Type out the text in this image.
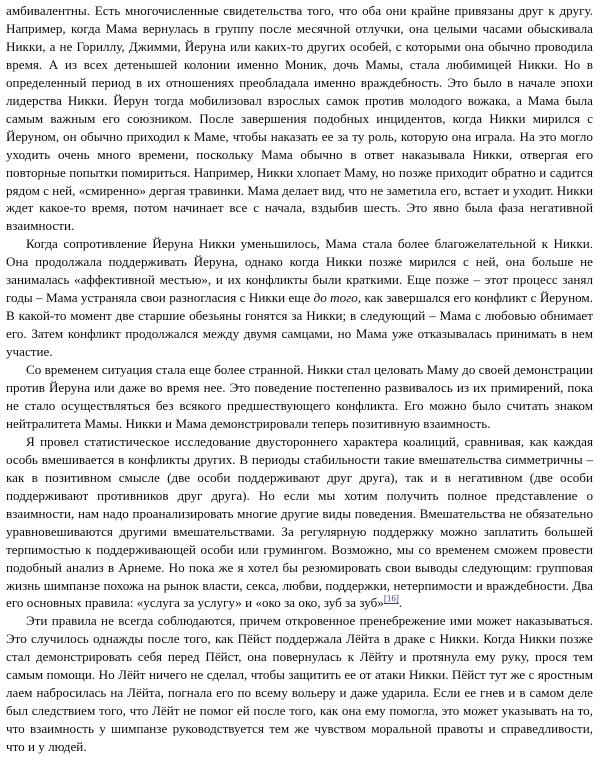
амбивалентны. Есть многочисленные свидетельства того, что оба они крайне привязаны друг к другу. Например, когда Мама вернулась в группу после месячной отлучки, она целыми часами обыскивала Никки, а не Гориллу, Джимми, Йеруна или каких-то других особей, с которыми она обычно проводила время. А из всех детенышей колонии именно Моник, дочь Мамы, стала любимицей Никки. Но в определенный период в их отношениях преобладала именно враждебность. Это было в начале эпохи лидерства Никки. Йерун тогда мобилизовал взрослых самок против молодого вожака, а Мама была самым важным его союзником. После завершения подобных инцидентов, когда Никки мирился с Йеруном, он обычно приходил к Маме, чтобы наказать ее за ту роль, которую она играла. На это могло уходить очень много времени, поскольку Мама обычно в ответ наказывала Никки, отвергая его повторные попытки помириться. Например, Никки хлопает Маму, но позже приходит обратно и садится рядом с ней, «смиренно» дергая травинки. Мама делает вид, что не заметила его, встает и уходит. Никки ждет какое-то время, потом начинает все с начала, вздыбив шесть. Это явно была фаза негативной взаимности.

Когда сопротивление Йеруна Никки уменьшилось, Мама стала более благожелательной к Никки. Она продолжала поддерживать Йеруна, однако когда Никки позже мирился с ней, она больше не занималась «аффективной местью», и их конфликты были краткими. Еще позже – этот процесс занял годы – Мама устраняла свои разногласия с Никки еще до того, как завершался его конфликт с Йеруном. В какой-то момент две старшие обезьяны гонятся за Никки; в следующий – Мама с любовью обнимает его. Затем конфликт продолжался между двумя самцами, но Мама уже отказывалась принимать в нем участие.

Со временем ситуация стала еще более странной. Никки стал целовать Маму до своей демонстрации против Йеруна или даже во время нее. Это поведение постепенно развивалось из их примирений, пока не стало осуществляться без всякого предшествующего конфликта. Его можно было считать знаком нейтралитета Мамы. Никки и Мама демонстрировали теперь позитивную взаимность.

Я провел статистическое исследование двустороннего характера коалиций, сравнивая, как каждая особь вмешивается в конфликты других. В периоды стабильности такие вмешательства симметричны – как в позитивном смысле (две особи поддерживают друг друга), так и в негативном (две особи поддерживают противников друг друга). Но если мы хотим получить полное представление о взаимности, нам надо проанализировать многие другие виды поведения. Вмешательства не обязательно уравновешиваются другими вмешательствами. За регулярную поддержку можно заплатить большей терпимостью к поддерживающей особи или грумингом. Возможно, мы со временем сможем провести подобный анализ в Арнеме. Но пока же я хотел бы резюмировать свои выводы следующим: групповая жизнь шимпанзе похожа на рынок власти, секса, любви, поддержки, нетерпимости и враждебности. Два его основных правила: «услуга за услугу» и «око за око, зуб за зуб»[16].

Эти правила не всегда соблюдаются, причем откровенное пренебрежение ими может наказываться. Это случилось однажды после того, как Пёйст поддержала Лёйта в драке с Никки. Когда Никки позже стал демонстрировать себя перед Пёйст, она повернулась к Лёйту и протянула ему руку, прося тем самым помощи. Но Лёйт ничего не сделал, чтобы защитить ее от атаки Никки. Пёйст тут же с яростным лаем набросилась на Лёйта, погнала его по всему вольеру и даже ударила. Если ее гнев и в самом деле был следствием того, что Лёйт не помог ей после того, как она ему помогла, это может указывать на то, что взаимность у шимпанзе руководствуется тем же чувством моральной правоты и справедливости, что и у людей.
